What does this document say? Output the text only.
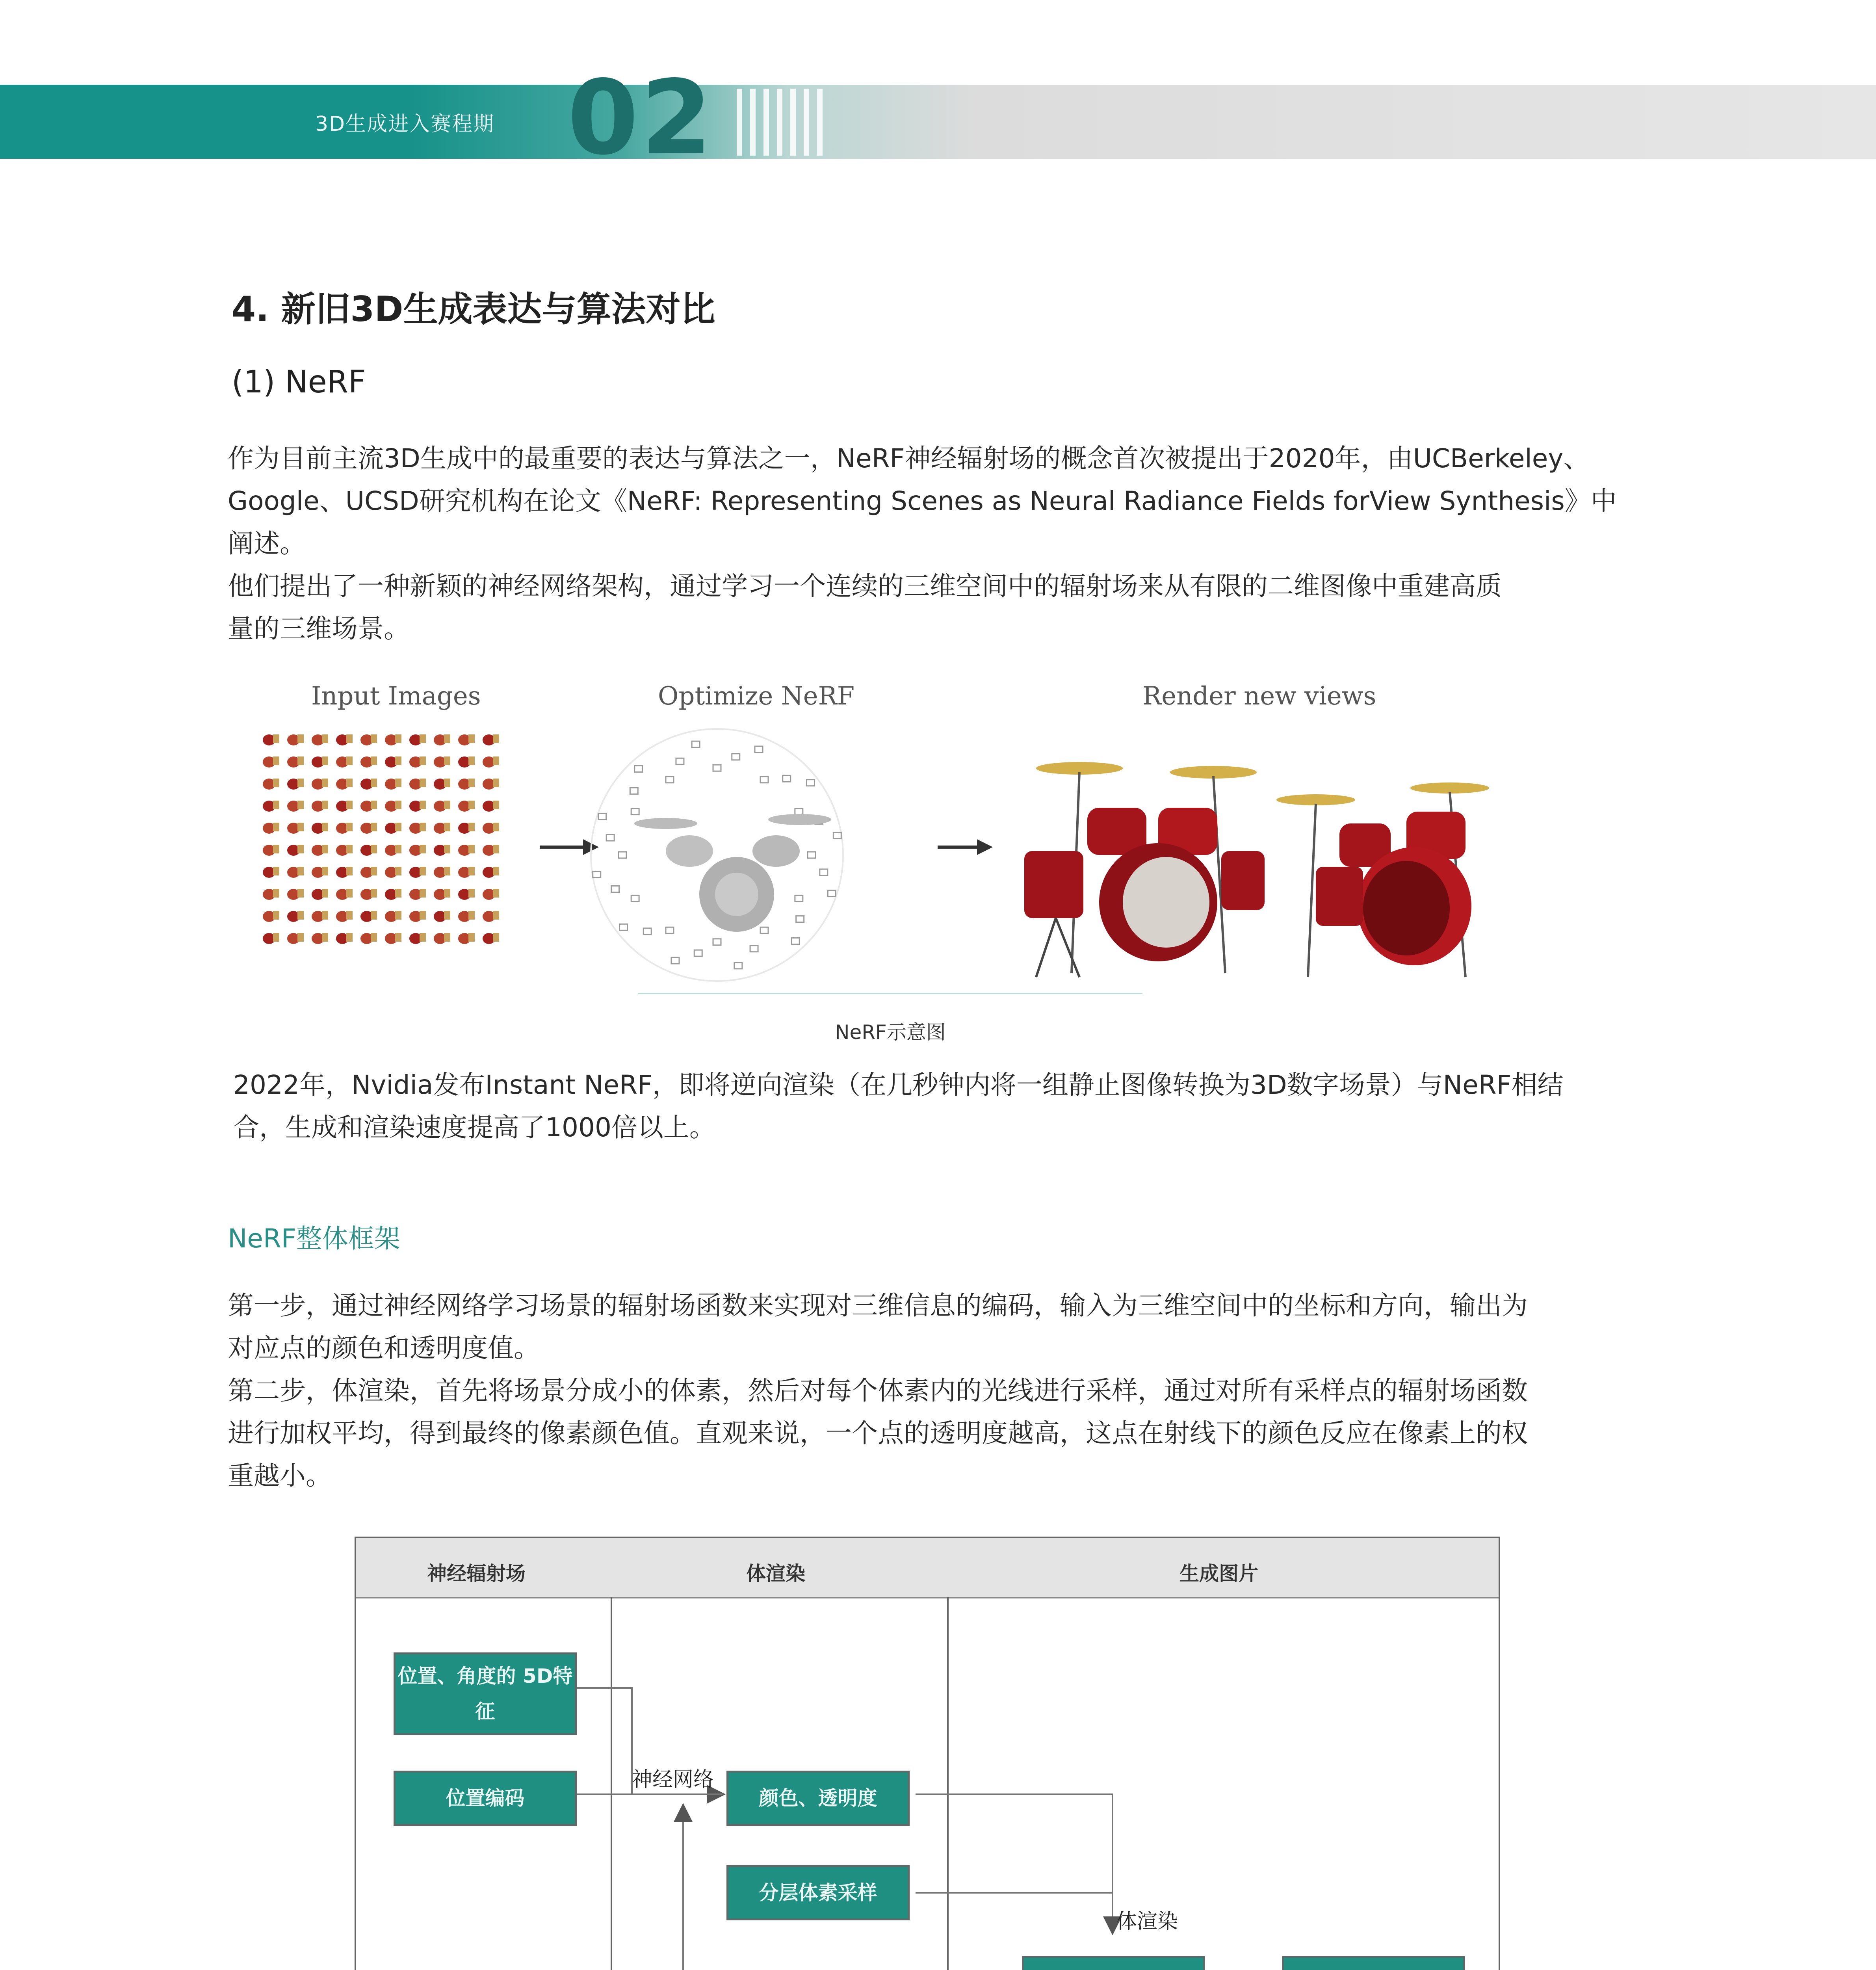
3D生成进入赛程期 02
4. 新旧3D生成表达与算法对比
(1) NeRF
作为目前主流3D生成中的最重要的表达与算法之一，NeRF神经辐射场的概念首次被提出于2020年，由UCBerkeley、
Google、UCSD研究机构在论文《NeRF: Representing Scenes as Neural Radiance Fields forView Synthesis》中
阐述。
他们提出了一种新颖的神经网络架构，通过学习一个连续的三维空间中的辐射场来从有限的二维图像中重建高质
量的三维场景。
Input Images	Optimize NeRF	Render new views
NeRF示意图
2022年，Nvidia发布Instant NeRF，即将逆向渲染（在几秒钟内将一组静止图像转换为3D数字场景）与NeRF相结
合，生成和渲染速度提高了1000倍以上。
NeRF整体框架
第一步，通过神经网络学习场景的辐射场函数来实现对三维信息的编码，输入为三维空间中的坐标和方向，输出为
对应点的颜色和透明度值。
第二步，体渲染，首先将场景分成小的体素，然后对每个体素内的光线进行采样，通过对所有采样点的辐射场函数
进行加权平均，得到最终的像素颜色值。直观来说，一个点的透明度越高，这点在射线下的颜色反应在像素上的权
重越小。
神经辐射场	体渲染	生成图片
位置、角度的 5D特征
位置编码	颜色、透明度
分层体素采样
神经网络
体渲染
